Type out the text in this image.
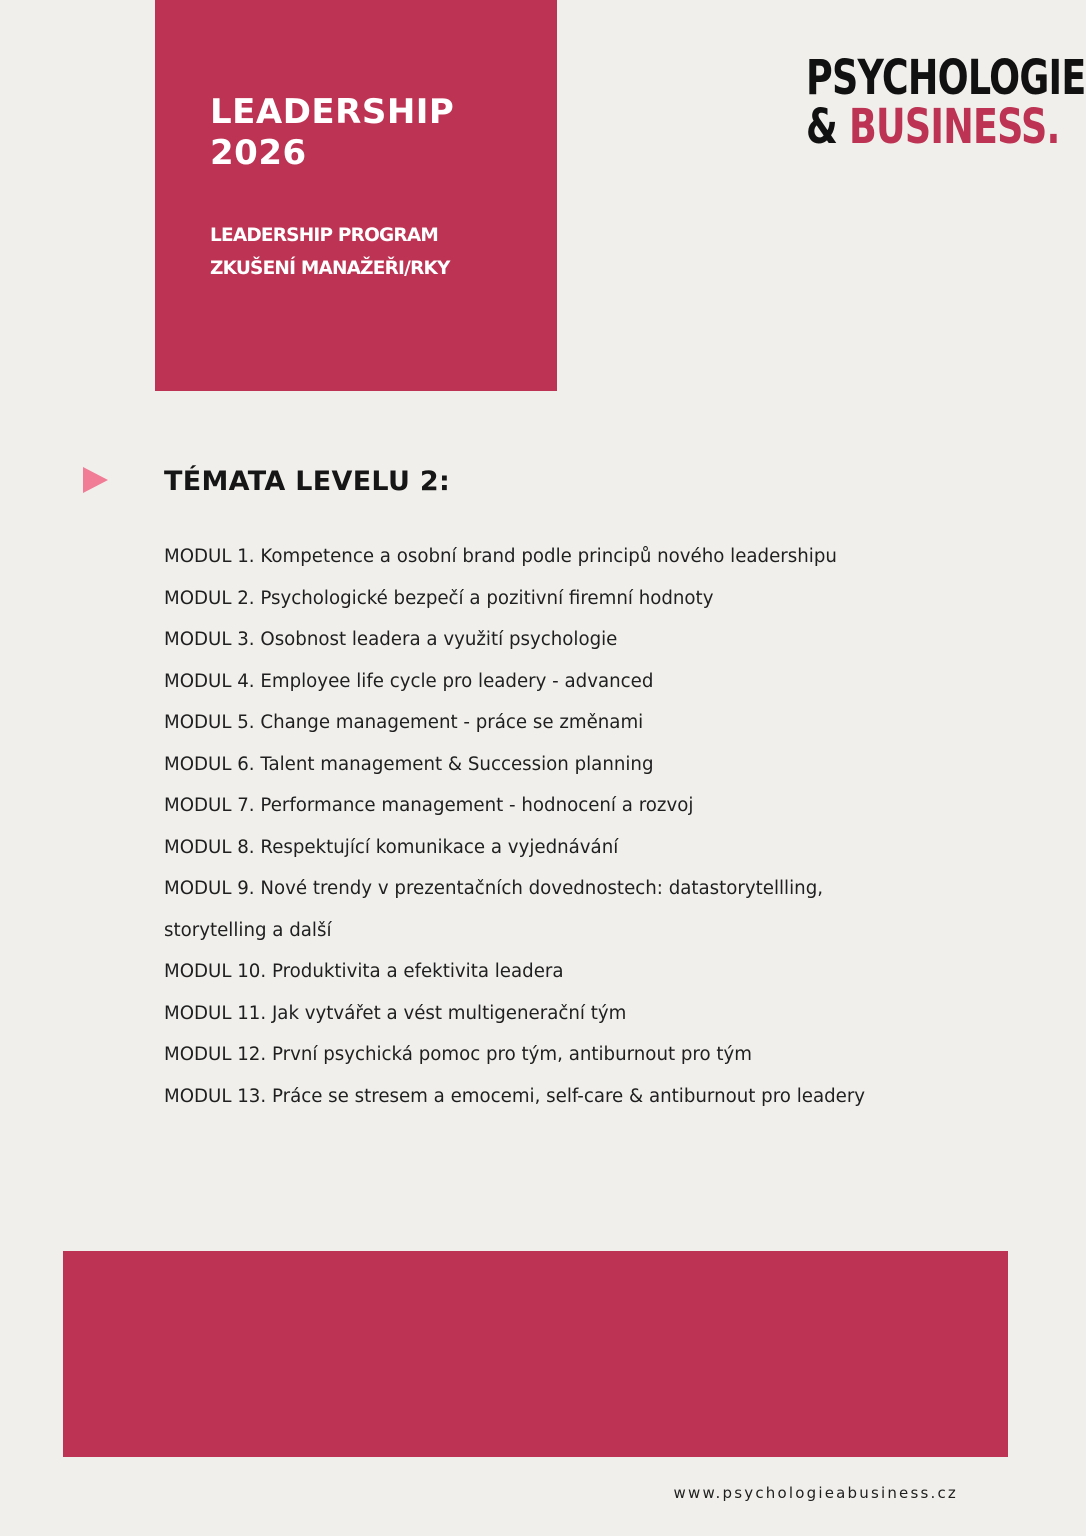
LEADERSHIP
2026
LEADERSHIP PROGRAM
ZKUŠENÍ MANAŽEŘI/RKY
PSYCHOLOGIE
& BUSINESS.
TÉMATA LEVELU 2:
MODUL 1. Kompetence a osobní brand podle principů nového leadershipu
MODUL 2. Psychologické bezpečí a pozitivní firemní hodnoty
MODUL 3. Osobnost leadera a využití psychologie
MODUL 4. Employee life cycle pro leadery - advanced
MODUL 5. Change management - práce se změnami
MODUL 6. Talent management & Succession planning
MODUL 7. Performance management - hodnocení a rozvoj
MODUL 8. Respektující komunikace a vyjednávání
MODUL 9. Nové trendy v prezentačních dovednostech: datastorytellling,
storytelling a další
MODUL 10. Produktivita a efektivita leadera
MODUL 11. Jak vytvářet a vést multigenerační tým
MODUL 12. První psychická pomoc pro tým, antiburnout pro tým
MODUL 13. Práce se stresem a emocemi, self-care & antiburnout pro leadery
www.psychologieabusiness.cz
